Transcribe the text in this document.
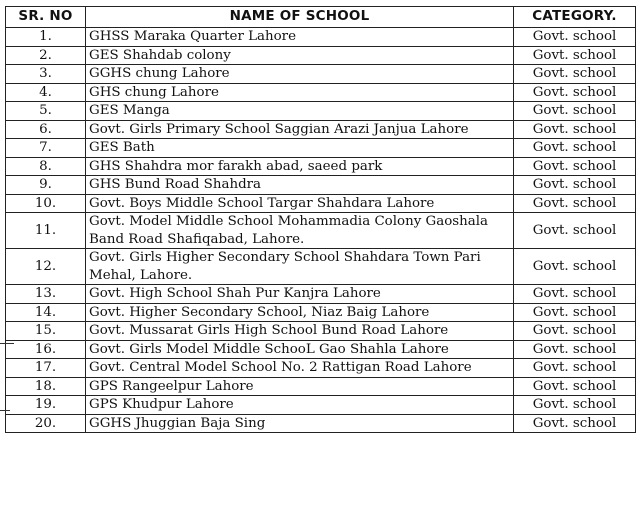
SR. NO	NAME OF SCHOOL	CATEGORY.
1.	GHSS Maraka Quarter Lahore	Govt. school
2.	GES Shahdab colony	Govt. school
3.	GGHS chung Lahore	Govt. school
4.	GHS chung Lahore	Govt. school
5.	GES Manga	Govt. school
6.	Govt. Girls Primary School Saggian Arazi Janjua Lahore	Govt. school
7.	GES Bath	Govt. school
8.	GHS Shahdra mor farakh abad, saeed park	Govt. school
9.	GHS Bund Road Shahdra	Govt. school
10.	Govt. Boys Middle School Targar Shahdara Lahore	Govt. school
11.	Govt. Model Middle School Mohammadia Colony Gaoshala Band Road Shafiqabad, Lahore.	Govt. school
12.	Govt. Girls Higher Secondary School Shahdara Town Pari Mehal, Lahore.	Govt. school
13.	Govt. High School Shah Pur Kanjra Lahore	Govt. school
14.	Govt. Higher Secondary School, Niaz Baig Lahore	Govt. school
15.	Govt. Mussarat Girls High School Bund Road Lahore	Govt. school
16.	Govt. Girls Model Middle SchooL Gao Shahla Lahore	Govt. school
17.	Govt. Central Model School No. 2 Rattigan Road Lahore	Govt. school
18.	GPS Rangeelpur Lahore	Govt. school
19.	GPS Khudpur Lahore	Govt. school
20.	GGHS Jhuggian Baja Sing	Govt. school
